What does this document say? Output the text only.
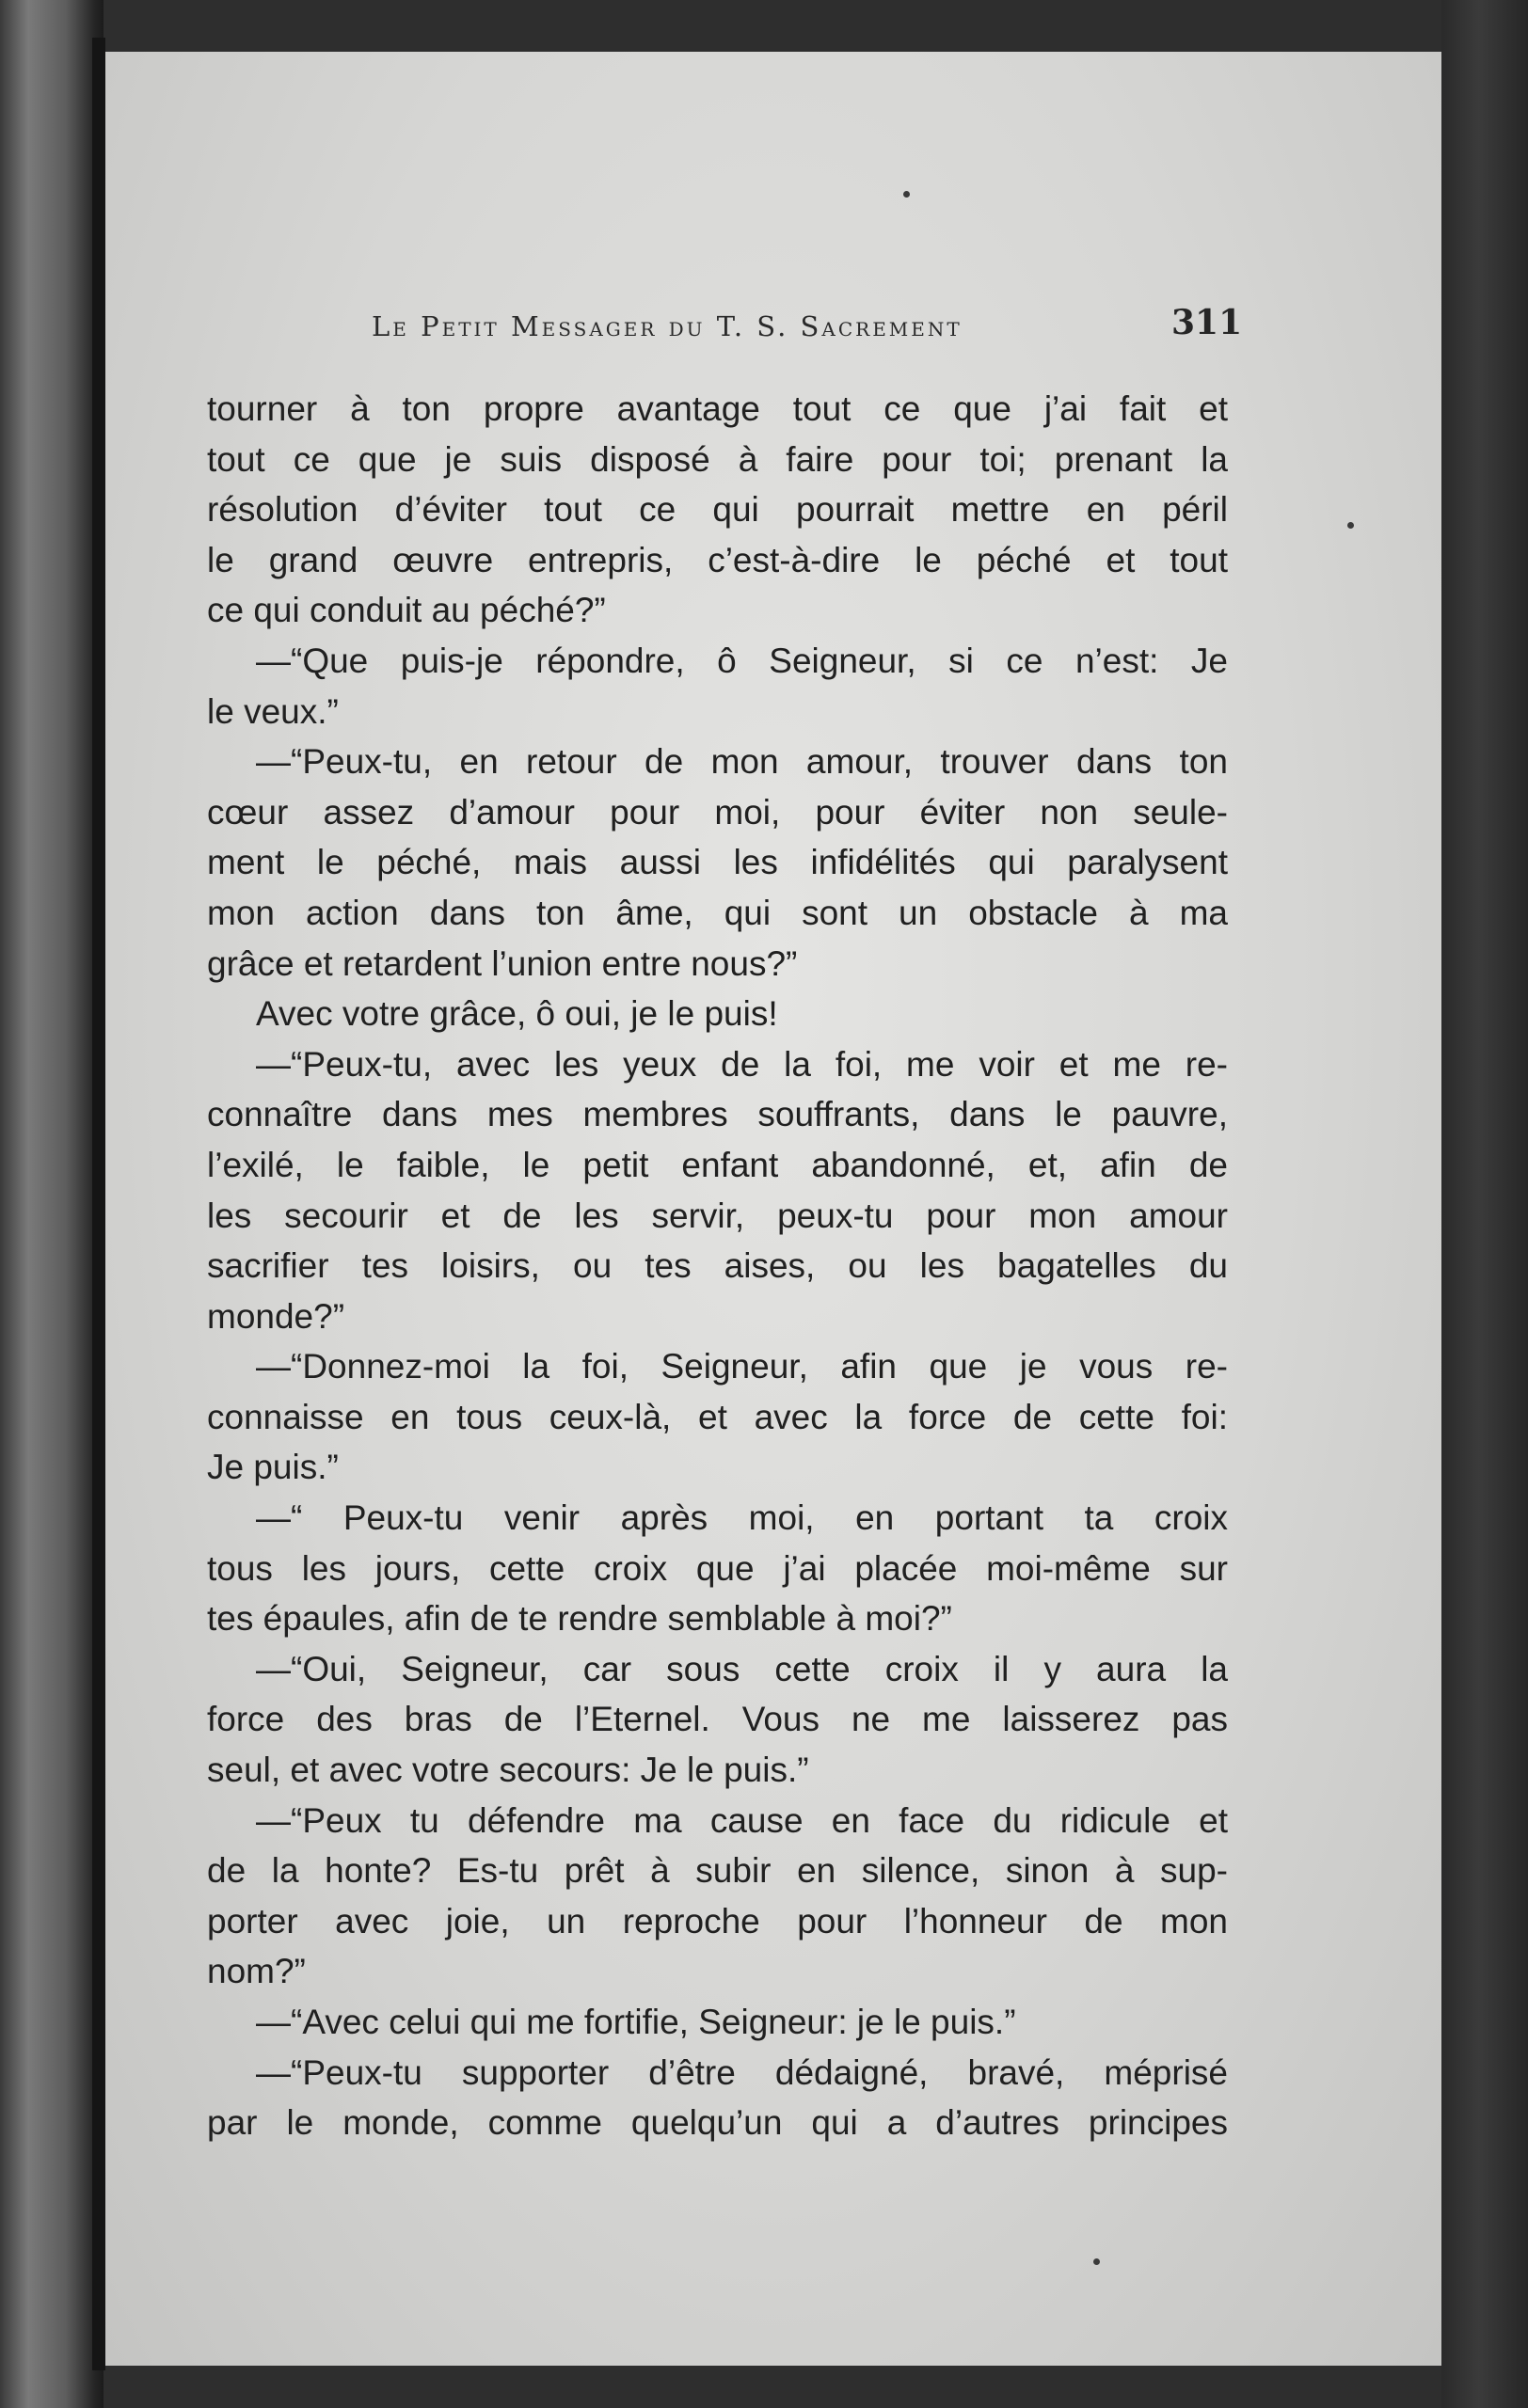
Le Petit Messager du T. S. Sacrement	311
tourner à ton propre avantage tout ce que j’ai fait et
tout ce que je suis disposé à faire pour toi; prenant la
résolution d’éviter tout ce qui pourrait mettre en péril
le grand œuvre entrepris, c’est-à-dire le péché et tout
ce qui conduit au péché?”
—“Que puis-je répondre, ô Seigneur, si ce n’est: Je
le veux.”
—“Peux-tu, en retour de mon amour, trouver dans ton
cœur assez d’amour pour moi, pour éviter non seule-
ment le péché, mais aussi les infidélités qui paralysent
mon action dans ton âme, qui sont un obstacle à ma
grâce et retardent l’union entre nous?”
Avec votre grâce, ô oui, je le puis!
—“Peux-tu, avec les yeux de la foi, me voir et me re-
connaître dans mes membres souffrants, dans le pauvre,
l’exilé, le faible, le petit enfant abandonné, et, afin de
les secourir et de les servir, peux-tu pour mon amour
sacrifier tes loisirs, ou tes aises, ou les bagatelles du
monde?”
—“Donnez-moi la foi, Seigneur, afin que je vous re-
connaisse en tous ceux-là, et avec la force de cette foi:
Je puis.”
—“ Peux-tu venir après moi, en portant ta croix
tous les jours, cette croix que j’ai placée moi-même sur
tes épaules, afin de te rendre semblable à moi?”
—“Oui, Seigneur, car sous cette croix il y aura la
force des bras de l’Eternel. Vous ne me laisserez pas
seul, et avec votre secours: Je le puis.”
—“Peux tu défendre ma cause en face du ridicule et
de la honte? Es-tu prêt à subir en silence, sinon à sup-
porter avec joie, un reproche pour l’honneur de mon
nom?”
—“Avec celui qui me fortifie, Seigneur: je le puis.”
—“Peux-tu supporter d’être dédaigné, bravé, méprisé
par le monde, comme quelqu’un qui a d’autres principes
